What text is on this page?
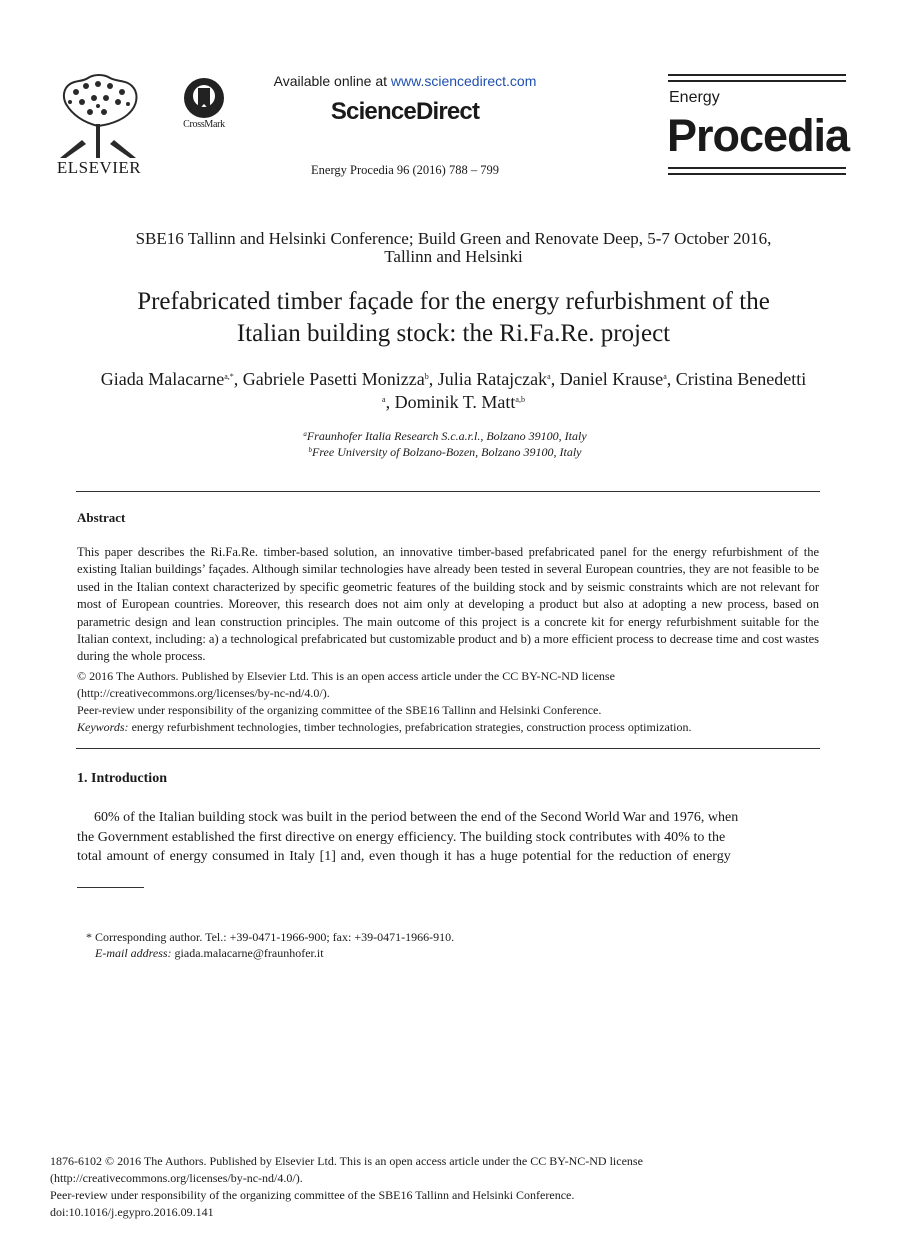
ELSEVIER
CrossMark
Available online at www.sciencedirect.com
ScienceDirect
Energy Procedia 96 (2016) 788 – 799
Energy
Procedia
SBE16 Tallinn and Helsinki Conference; Build Green and Renovate Deep, 5-7 October 2016,
Tallinn and Helsinki
Prefabricated timber façade for the energy refurbishment of the
Italian building stock: the Ri.Fa.Re. project
Giada Malacarne$^{a,*}$, Gabriele Pasetti Monizza$^b$, Julia Ratajczak$^a$, Daniel Krause$^a$, Cristina Benedetti
$^a$, Dominik T. Matt$^{a,b}$
$^a$Fraunhofer Italia Research S.c.a.r.l., Bolzano 39100, Italy
$^b$Free University of Bolzano-Bozen, Bolzano 39100, Italy
Abstract
This paper describes the Ri.Fa.Re. timber-based solution, an innovative timber-based prefabricated panel for the energy refurbishment of the existing Italian buildings’ façades. Although similar technologies have already been tested in several European countries, they are not feasible to be used in the Italian context characterized by specific geometric features of the building stock and by seismic constraints which are not relevant for most of European countries. Moreover, this research does not aim only at developing a product but also at adopting a new process, based on parametric design and lean construction principles. The main outcome of this project is a concrete kit for energy refurbishment suitable for the Italian context, including: a) a technological prefabricated but customizable product and b) a more efficient process to decrease time and cost wastes during the whole process.
© 2016 The Authors. Published by Elsevier Ltd. This is an open access article under the CC BY-NC-ND license
(http://creativecommons.org/licenses/by-nc-nd/4.0/).
Peer-review under responsibility of the organizing committee of the SBE16 Tallinn and Helsinki Conference.
Keywords: energy refurbishment technologies, timber technologies, prefabrication strategies, construction process optimization.
1. Introduction
60% of the Italian building stock was built in the period between the end of the Second World War and 1976, when
the Government established the first directive on energy efficiency. The building stock contributes with 40% to the
total amount of energy consumed in Italy [1] and, even though it has a huge potential for the reduction of energy
* Corresponding author. Tel.: +39-0471-1966-900; fax: +39-0471-1966-910.
E-mail address: giada.malacarne@fraunhofer.it
1876-6102 © 2016 The Authors. Published by Elsevier Ltd. This is an open access article under the CC BY-NC-ND license
(http://creativecommons.org/licenses/by-nc-nd/4.0/).
Peer-review under responsibility of the organizing committee of the SBE16 Tallinn and Helsinki Conference.
doi:10.1016/j.egypro.2016.09.141
